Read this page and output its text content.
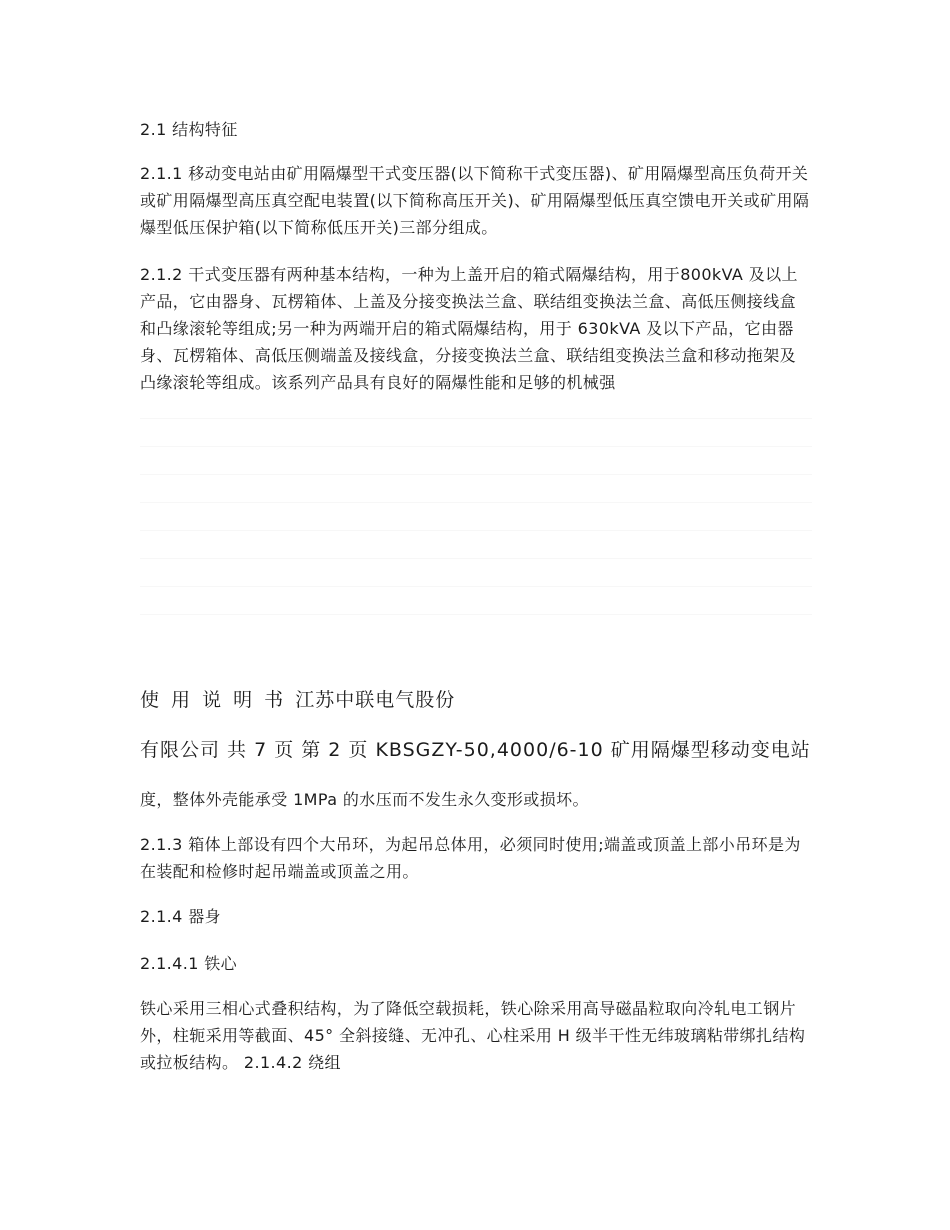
2.1 结构特征

2.1.1 移动变电站由矿用隔爆型干式变压器(以下简称干式变压器)、矿用隔爆型高压负荷开关或矿用隔爆型高压真空配电装置(以下简称高压开关)、矿用隔爆型低压真空馈电开关或矿用隔爆型低压保护箱(以下简称低压开关)三部分组成。

2.1.2 干式变压器有两种基本结构，一种为上盖开启的箱式隔爆结构，用于800kVA 及以上产品，它由器身、瓦楞箱体、上盖及分接变换法兰盒、联结组变换法兰盒、高低压侧接线盒和凸缘滚轮等组成;另一种为两端开启的箱式隔爆结构，用于 630kVA 及以下产品，它由器身、瓦楞箱体、高低压侧端盖及接线盒，分接变换法兰盒、联结组变换法兰盒和移动拖架及凸缘滚轮等组成。该系列产品具有良好的隔爆性能和足够的机械强

使 用 说 明 书 江苏中联电气股份

有限公司 共 7 页 第 2 页 KBSGZY-50,4000/6-10 矿用隔爆型移动变电站

度，整体外壳能承受 1MPa 的水压而不发生永久变形或损坏。

2.1.3 箱体上部设有四个大吊环，为起吊总体用，必须同时使用;端盖或顶盖上部小吊环是为在装配和检修时起吊端盖或顶盖之用。

2.1.4 器身

2.1.4.1 铁心

铁心采用三相心式叠积结构，为了降低空载损耗，铁心除采用高导磁晶粒取向冷轧电工钢片外，柱轭采用等截面、45° 全斜接缝、无冲孔、心柱采用 H 级半干性无纬玻璃粘带绑扎结构或拉板结构。 2.1.4.2 绕组
